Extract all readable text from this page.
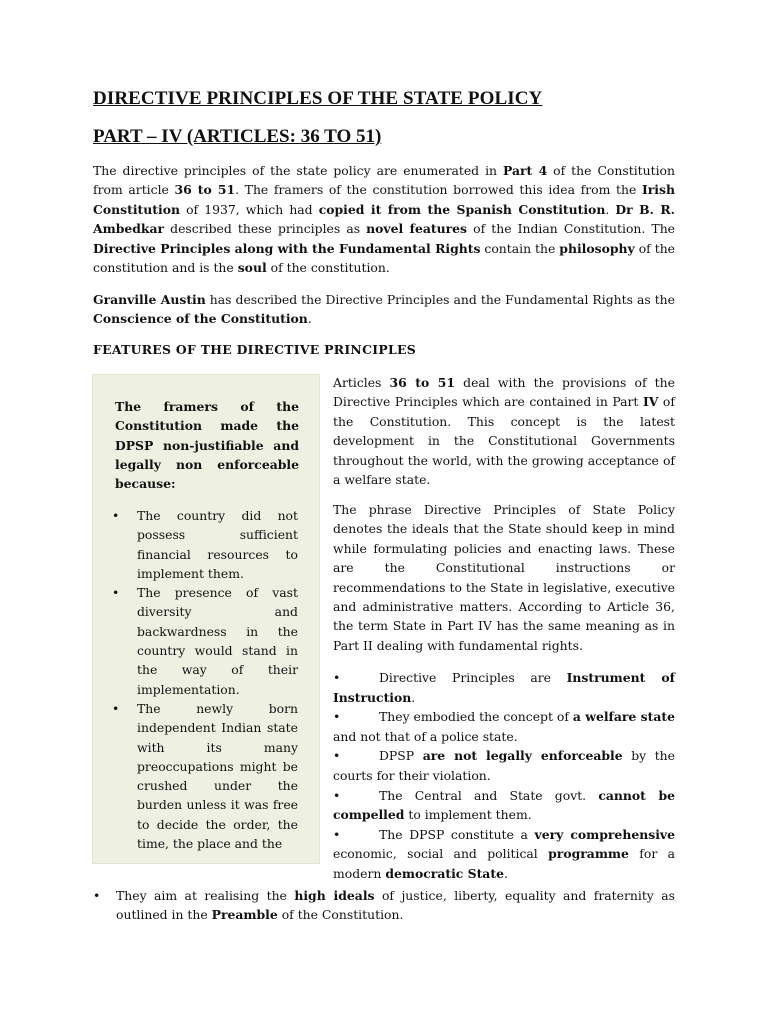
DIRECTIVE PRINCIPLES OF THE STATE POLICY
PART – IV (ARTICLES: 36 TO 51)

The directive principles of the state policy are enumerated in Part 4 of the Constitution from article 36 to 51. The framers of the constitution borrowed this idea from the Irish Constitution of 1937, which had copied it from the Spanish Constitution. Dr B. R. Ambedkar described these principles as novel features of the Indian Constitution. The Directive Principles along with the Fundamental Rights contain the philosophy of the constitution and is the soul of the constitution.

Granville Austin has described the Directive Principles and the Fundamental Rights as the Conscience of the Constitution.

FEATURES OF THE DIRECTIVE PRINCIPLES

The framers of the Constitution made the DPSP non-justifiable and legally non enforceable because:

• The country did not possess sufficient financial resources to implement them.
• The presence of vast diversity and backwardness in the country would stand in the way of their implementation.
• The newly born independent Indian state with its many preoccupations might be crushed under the burden unless it was free to decide the order, the time, the place and the

Articles 36 to 51 deal with the provisions of the Directive Principles which are contained in Part IV of the Constitution. This concept is the latest development in the Constitutional Governments throughout the world, with the growing acceptance of a welfare state.

The phrase Directive Principles of State Policy denotes the ideals that the State should keep in mind while formulating policies and enacting laws. These are the Constitutional instructions or recommendations to the State in legislative, executive and administrative matters. According to Article 36, the term State in Part IV has the same meaning as in Part II dealing with fundamental rights.

•	Directive Principles are Instrument of Instruction.
•	They embodied the concept of a welfare state and not that of a police state.
•	DPSP are not legally enforceable by the courts for their violation.
•	The Central and State govt. cannot be compelled to implement them.
•	The DPSP constitute a very comprehensive economic, social and political programme for a modern democratic State.
• They aim at realising the high ideals of justice, liberty, equality and fraternity as outlined in the Preamble of the Constitution.
